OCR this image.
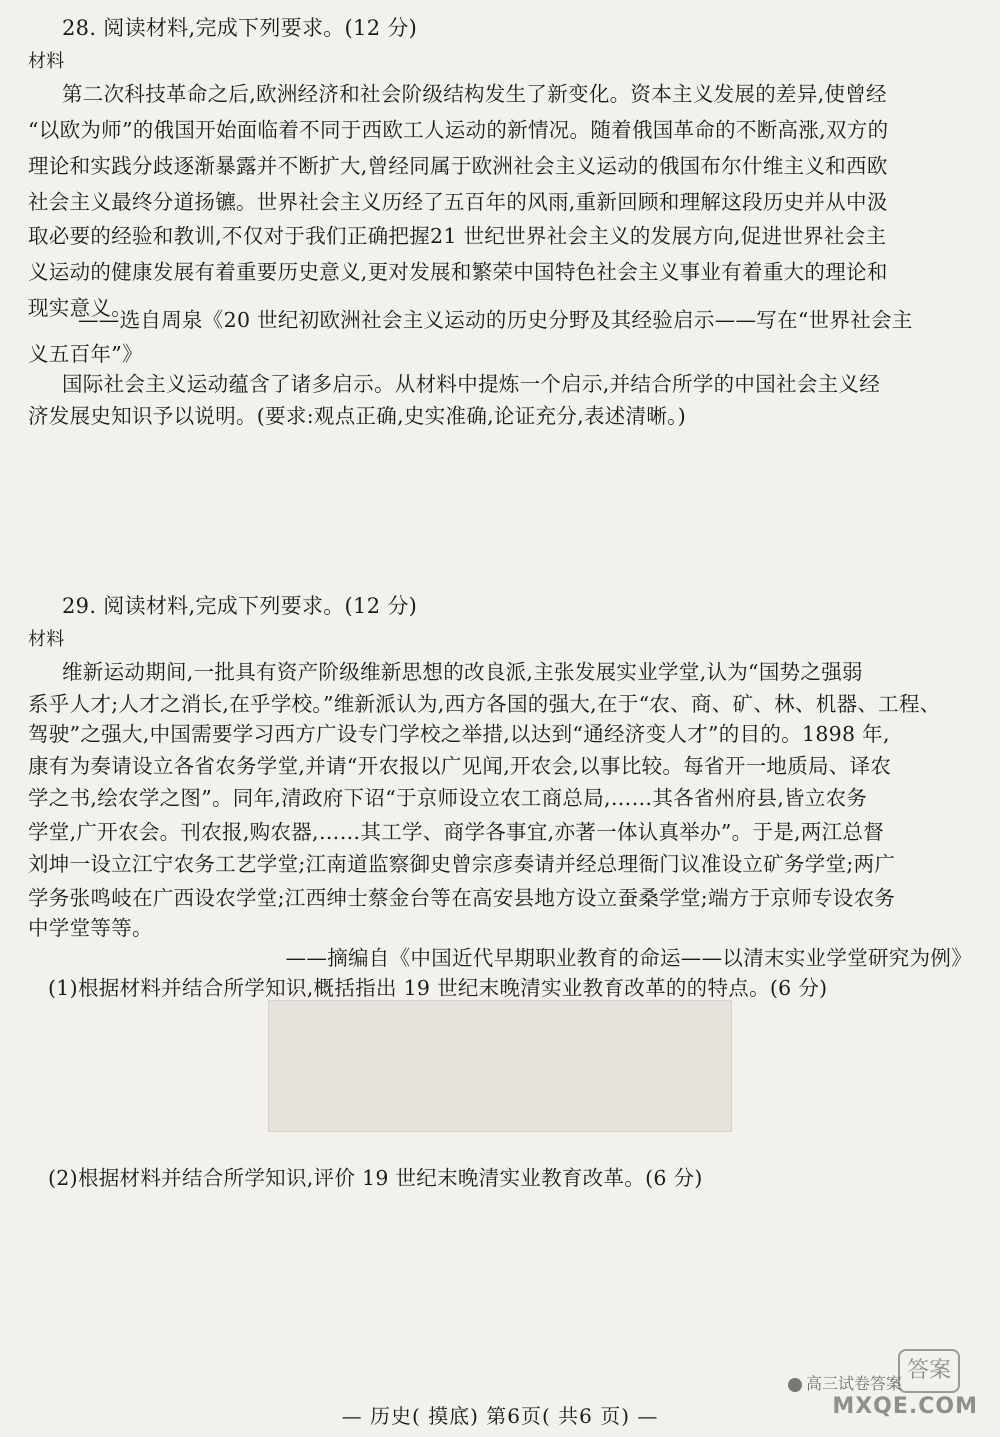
28. 阅读材料,完成下列要求。(12 分)
材料
第二次科技革命之后,欧洲经济和社会阶级结构发生了新变化。资本主义发展的差异,使曾经
“以欧为师”的俄国开始面临着不同于西欧工人运动的新情况。随着俄国革命的不断高涨,双方的
理论和实践分歧逐渐暴露并不断扩大,曾经同属于欧洲社会主义运动的俄国布尔什维主义和西欧
社会主义最终分道扬镳。世界社会主义历经了五百年的风雨,重新回顾和理解这段历史并从中汲
取必要的经验和教训,不仅对于我们正确把握21 世纪世界社会主义的发展方向,促进世界社会主
义运动的健康发展有着重要历史意义,更对发展和繁荣中国特色社会主义事业有着重大的理论和
现实意义。
——选自周泉《20 世纪初欧洲社会主义运动的历史分野及其经验启示——写在“世界社会主
义五百年”》
国际社会主义运动蕴含了诸多启示。从材料中提炼一个启示,并结合所学的中国社会主义经
济发展史知识予以说明。(要求:观点正确,史实准确,论证充分,表述清晰。)
29. 阅读材料,完成下列要求。(12 分)
材料
维新运动期间,一批具有资产阶级维新思想的改良派,主张发展实业学堂,认为“国势之强弱
系乎人才;人才之消长,在乎学校。”维新派认为,西方各国的强大,在于“农、商、矿、林、机器、工程、
驾驶”之强大,中国需要学习西方广设专门学校之举措,以达到“通经济变人才”的目的。1898 年,
康有为奏请设立各省农务学堂,并请“开农报以广见闻,开农会,以事比较。每省开一地质局、译农
学之书,绘农学之图”。同年,清政府下诏“于京师设立农工商总局,……其各省州府县,皆立农务
学堂,广开农会。刊农报,购农器,……其工学、商学各事宜,亦著一体认真举办”。于是,两江总督
刘坤一设立江宁农务工艺学堂;江南道监察御史曾宗彦奏请并经总理衙门议准设立矿务学堂;两广
学务张鸣岐在广西设农学堂;江西绅士蔡金台等在高安县地方设立蚕桑学堂;端方于京师专设农务
中学堂等等。
——摘编自《中国近代早期职业教育的命运——以清末实业学堂研究为例》
(1)根据材料并结合所学知识,概括指出 19 世纪末晚清实业教育改革的的特点。(6 分)
(2)根据材料并结合所学知识,评价 19 世纪末晚清实业教育改革。(6 分)
— 历史( 摸底) 第6页( 共6 页) —
答案
高三试卷答案
MXQE.COM
